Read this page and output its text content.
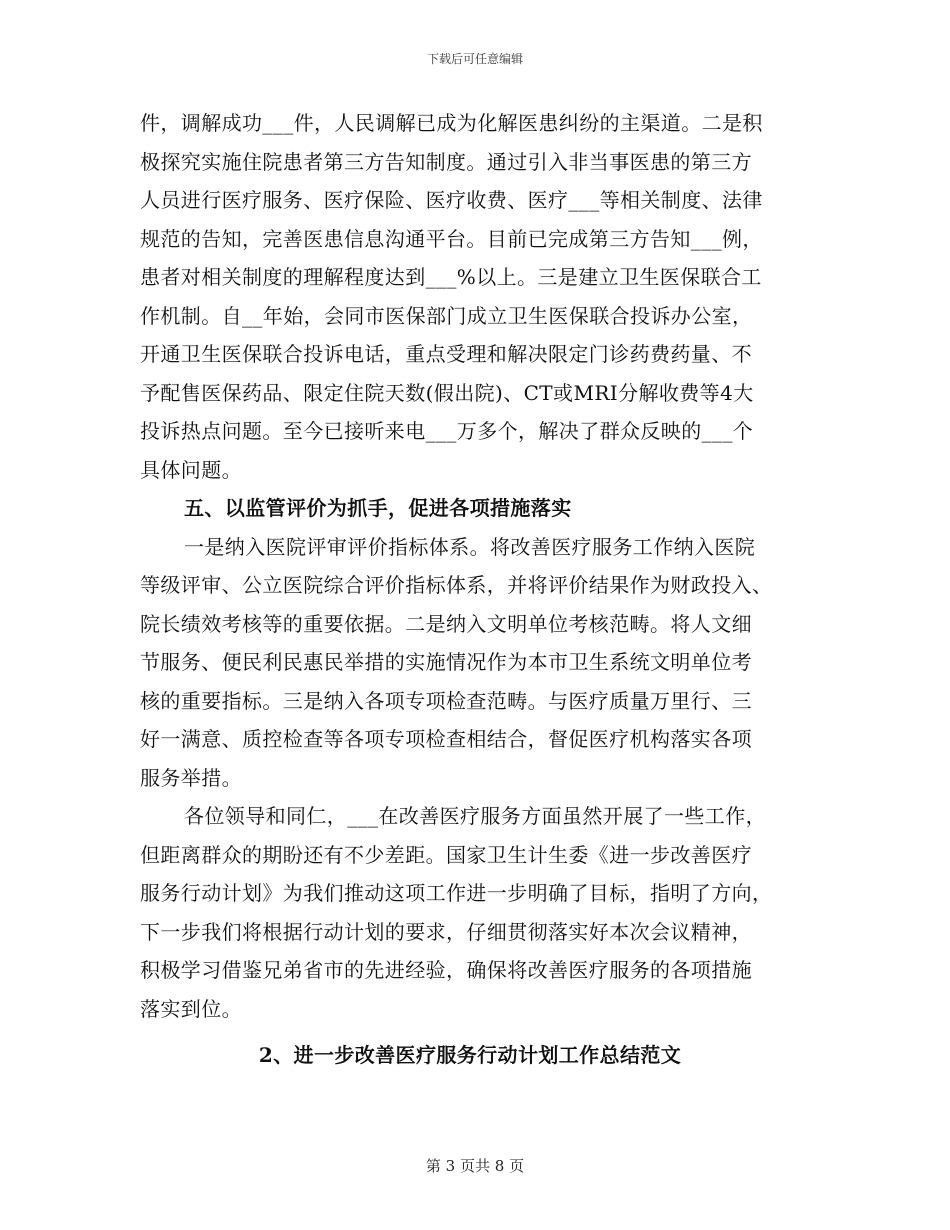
下载后可任意编辑

件，调解成功___件，人民调解已成为化解医患纠纷的主渠道。二是积
极探究实施住院患者第三方告知制度。通过引入非当事医患的第三方
人员进行医疗服务、医疗保险、医疗收费、医疗___等相关制度、法律
规范的告知，完善医患信息沟通平台。目前已完成第三方告知___例，
患者对相关制度的理解程度达到___%以上。三是建立卫生医保联合工
作机制。自__年始，会同市医保部门成立卫生医保联合投诉办公室，
开通卫生医保联合投诉电话，重点受理和解决限定门诊药费药量、不
予配售医保药品、限定住院天数(假出院)、CT或MRI分解收费等4大
投诉热点问题。至今已接听来电___万多个，解决了群众反映的___个
具体问题。

五、以监管评价为抓手，促进各项措施落实

一是纳入医院评审评价指标体系。将改善医疗服务工作纳入医院
等级评审、公立医院综合评价指标体系，并将评价结果作为财政投入、
院长绩效考核等的重要依据。二是纳入文明单位考核范畴。将人文细
节服务、便民利民惠民举措的实施情况作为本市卫生系统文明单位考
核的重要指标。三是纳入各项专项检查范畴。与医疗质量万里行、三
好一满意、质控检查等各项专项检查相结合，督促医疗机构落实各项
服务举措。

各位领导和同仁，___在改善医疗服务方面虽然开展了一些工作，
但距离群众的期盼还有不少差距。国家卫生计生委《进一步改善医疗
服务行动计划》为我们推动这项工作进一步明确了目标，指明了方向，
下一步我们将根据行动计划的要求，仔细贯彻落实好本次会议精神，
积极学习借鉴兄弟省市的先进经验，确保将改善医疗服务的各项措施
落实到位。

2、进一步改善医疗服务行动计划工作总结范文
第 3 页共 8 页
